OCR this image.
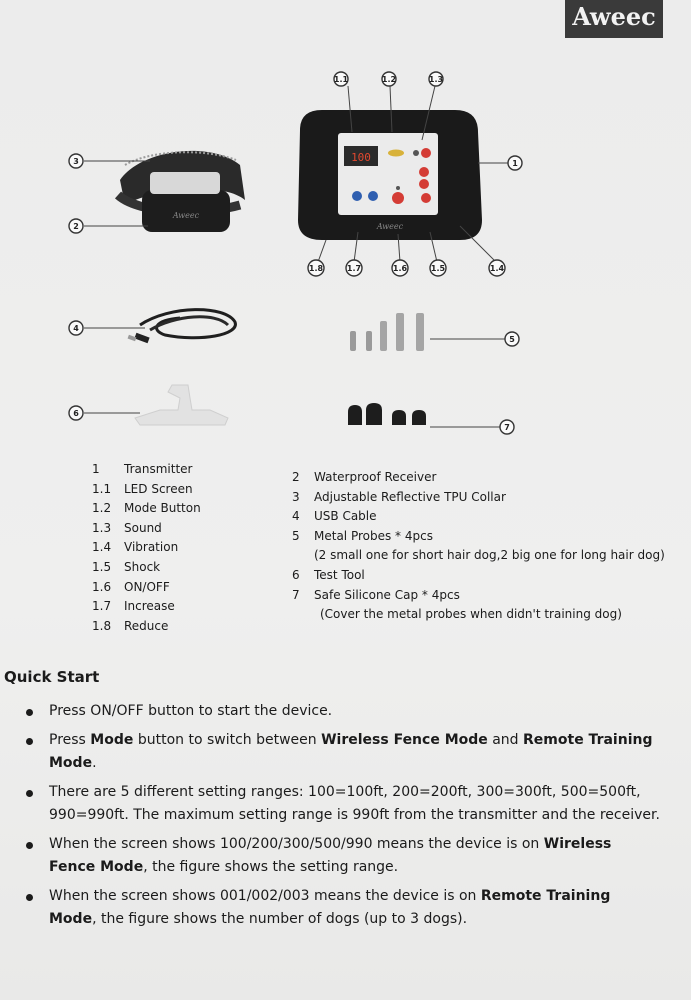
Aweec
Aweec
100
Aweec
1.1	1.2	1.3
1
1.8	1.7	1.6	1.5	1.4
3
2
4
5
6
7
1	Transmitter
1.1	LED Screen
1.2	Mode Button
1.3	Sound
1.4	Vibration
1.5	Shock
1.6	ON/OFF
1.7	Increase
1.8	Reduce
2	Waterproof Receiver
3	Adjustable Reflective TPU Collar
4	USB Cable
5	Metal Probes * 4pcs
(2 small one for short hair dog,2 big one for long hair dog)
6	Test Tool
7	Safe Silicone Cap * 4pcs
(Cover the metal probes when didn't training dog)
Quick Start
Press ON/OFF button to start the device.
Press Mode button to switch between Wireless Fence Mode and Remote Training Mode.
There are 5 different setting ranges: 100=100ft, 200=200ft, 300=300ft, 500=500ft, 990=990ft. The maximum setting range is 990ft from the transmitter and the receiver.
When the screen shows 100/200/300/500/990 means the device is on Wireless Fence Mode, the figure shows the setting range.
When the screen shows 001/002/003 means the device is on Remote Training Mode, the figure shows the number of dogs (up to 3 dogs).
